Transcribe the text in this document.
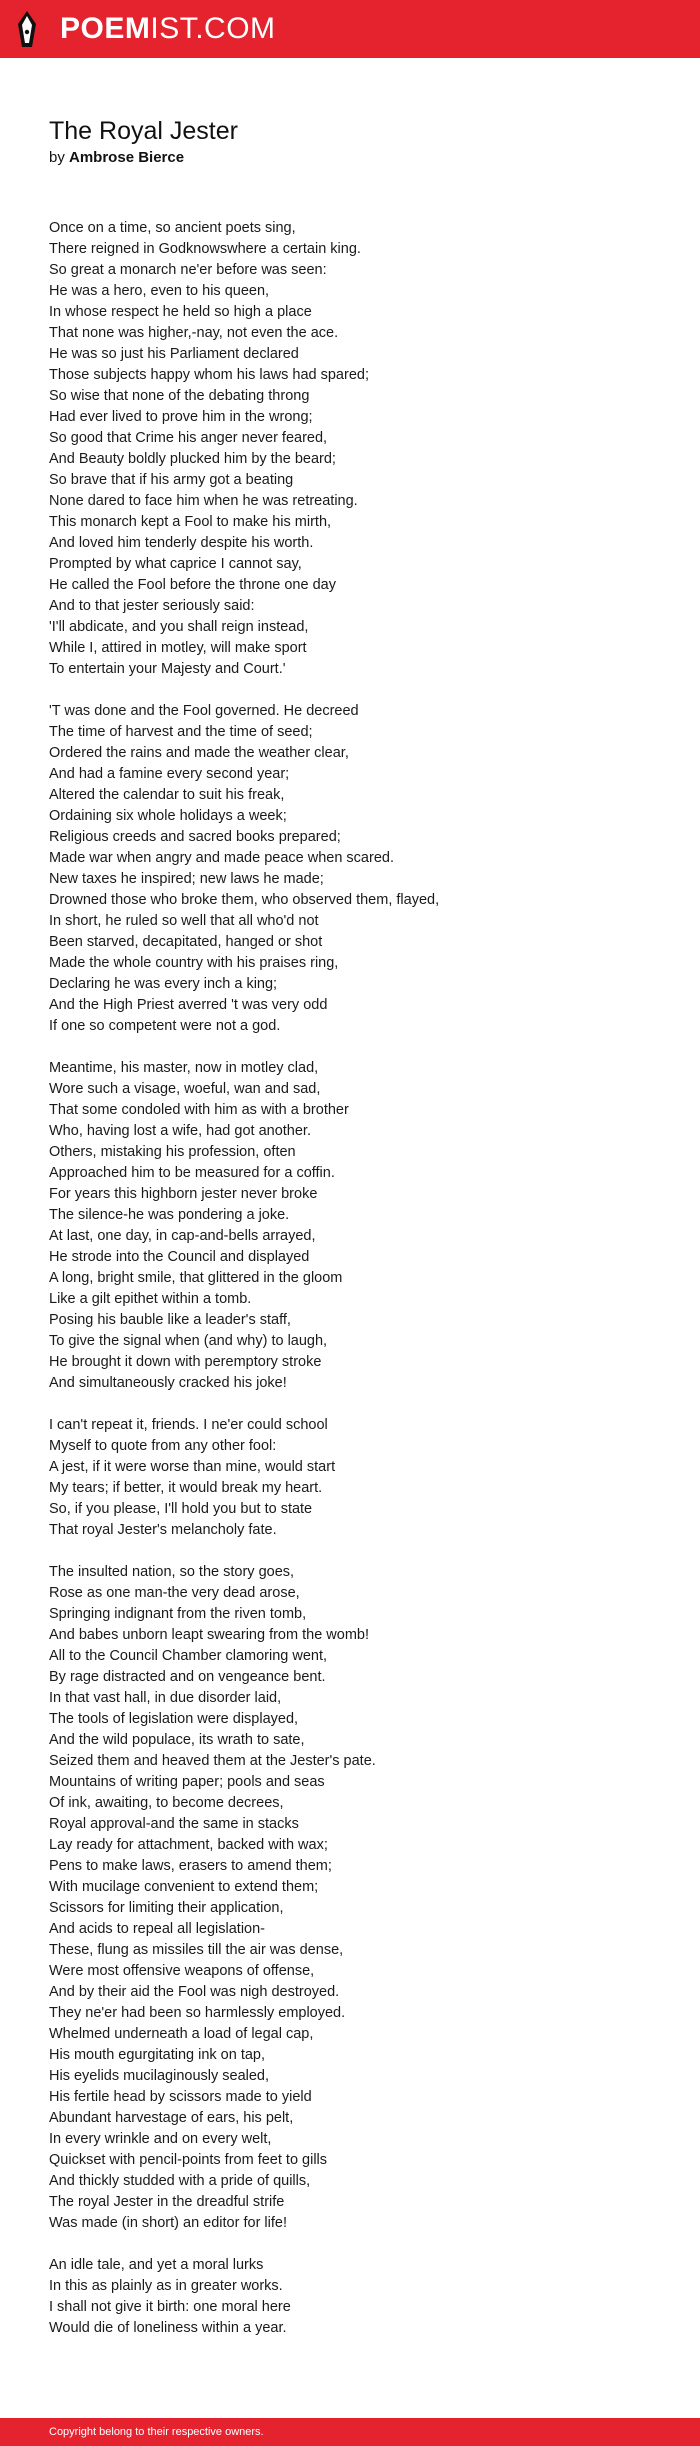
POEMIST.COM
The Royal Jester
by Ambrose Bierce
Once on a time, so ancient poets sing,
There reigned in Godknowswhere a certain king.
So great a monarch ne'er before was seen:
He was a hero, even to his queen,
In whose respect he held so high a place
That none was higher,-nay, not even the ace.
He was so just his Parliament declared
Those subjects happy whom his laws had spared;
So wise that none of the debating throng
Had ever lived to prove him in the wrong;
So good that Crime his anger never feared,
And Beauty boldly plucked him by the beard;
So brave that if his army got a beating
None dared to face him when he was retreating.
This monarch kept a Fool to make his mirth,
And loved him tenderly despite his worth.
Prompted by what caprice I cannot say,
He called the Fool before the throne one day
And to that jester seriously said:
'I'll abdicate, and you shall reign instead,
While I, attired in motley, will make sport
To entertain your Majesty and Court.'
'T was done and the Fool governed. He decreed
The time of harvest and the time of seed;
Ordered the rains and made the weather clear,
And had a famine every second year;
Altered the calendar to suit his freak,
Ordaining six whole holidays a week;
Religious creeds and sacred books prepared;
Made war when angry and made peace when scared.
New taxes he inspired; new laws he made;
Drowned those who broke them, who observed them, flayed,
In short, he ruled so well that all who'd not
Been starved, decapitated, hanged or shot
Made the whole country with his praises ring,
Declaring he was every inch a king;
And the High Priest averred 't was very odd
If one so competent were not a god.
Meantime, his master, now in motley clad,
Wore such a visage, woeful, wan and sad,
That some condoled with him as with a brother
Who, having lost a wife, had got another.
Others, mistaking his profession, often
Approached him to be measured for a coffin.
For years this highborn jester never broke
The silence-he was pondering a joke.
At last, one day, in cap-and-bells arrayed,
He strode into the Council and displayed
A long, bright smile, that glittered in the gloom
Like a gilt epithet within a tomb.
Posing his bauble like a leader's staff,
To give the signal when (and why) to laugh,
He brought it down with peremptory stroke
And simultaneously cracked his joke!
I can't repeat it, friends. I ne'er could school
Myself to quote from any other fool:
A jest, if it were worse than mine, would start
My tears; if better, it would break my heart.
So, if you please, I'll hold you but to state
That royal Jester's melancholy fate.
The insulted nation, so the story goes,
Rose as one man-the very dead arose,
Springing indignant from the riven tomb,
And babes unborn leapt swearing from the womb!
All to the Council Chamber clamoring went,
By rage distracted and on vengeance bent.
In that vast hall, in due disorder laid,
The tools of legislation were displayed,
And the wild populace, its wrath to sate,
Seized them and heaved them at the Jester's pate.
Mountains of writing paper; pools and seas
Of ink, awaiting, to become decrees,
Royal approval-and the same in stacks
Lay ready for attachment, backed with wax;
Pens to make laws, erasers to amend them;
With mucilage convenient to extend them;
Scissors for limiting their application,
And acids to repeal all legislation-
These, flung as missiles till the air was dense,
Were most offensive weapons of offense,
And by their aid the Fool was nigh destroyed.
They ne'er had been so harmlessly employed.
Whelmed underneath a load of legal cap,
His mouth egurgitating ink on tap,
His eyelids mucilaginously sealed,
His fertile head by scissors made to yield
Abundant harvestage of ears, his pelt,
In every wrinkle and on every welt,
Quickset with pencil-points from feet to gills
And thickly studded with a pride of quills,
The royal Jester in the dreadful strife
Was made (in short) an editor for life!
An idle tale, and yet a moral lurks
In this as plainly as in greater works.
I shall not give it birth: one moral here
Would die of loneliness within a year.
Copyright belong to their respective owners.
